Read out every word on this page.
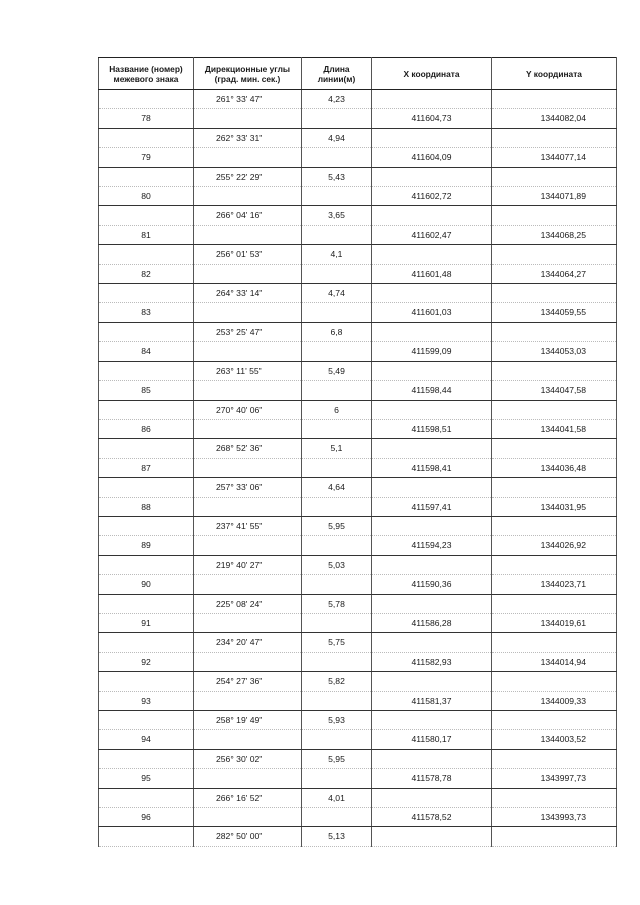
Название (номер) межевого знака	Дирекционные углы (град. мин. сек.)	Длина линии(м)	X координата	Y координата
	261° 33' 47"	4,23		
78			411604,73	1344082,04
	262° 33' 31"	4,94		
79			411604,09	1344077,14
	255° 22' 29"	5,43		
80			411602,72	1344071,89
	266° 04' 16"	3,65		
81			411602,47	1344068,25
	256° 01' 53"	4,1		
82			411601,48	1344064,27
	264° 33' 14"	4,74		
83			411601,03	1344059,55
	253° 25' 47"	6,8		
84			411599,09	1344053,03
	263° 11' 55"	5,49		
85			411598,44	1344047,58
	270° 40' 06"	6		
86			411598,51	1344041,58
	268° 52' 36"	5,1		
87			411598,41	1344036,48
	257° 33' 06"	4,64		
88			411597,41	1344031,95
	237° 41' 55"	5,95		
89			411594,23	1344026,92
	219° 40' 27"	5,03		
90			411590,36	1344023,71
	225° 08' 24"	5,78		
91			411586,28	1344019,61
	234° 20' 47"	5,75		
92			411582,93	1344014,94
	254° 27' 36"	5,82		
93			411581,37	1344009,33
	258° 19' 49"	5,93		
94			411580,17	1344003,52
	256° 30' 02"	5,95		
95			411578,78	1343997,73
	266° 16' 52"	4,01		
96			411578,52	1343993,73
	282° 50' 00"	5,13		
